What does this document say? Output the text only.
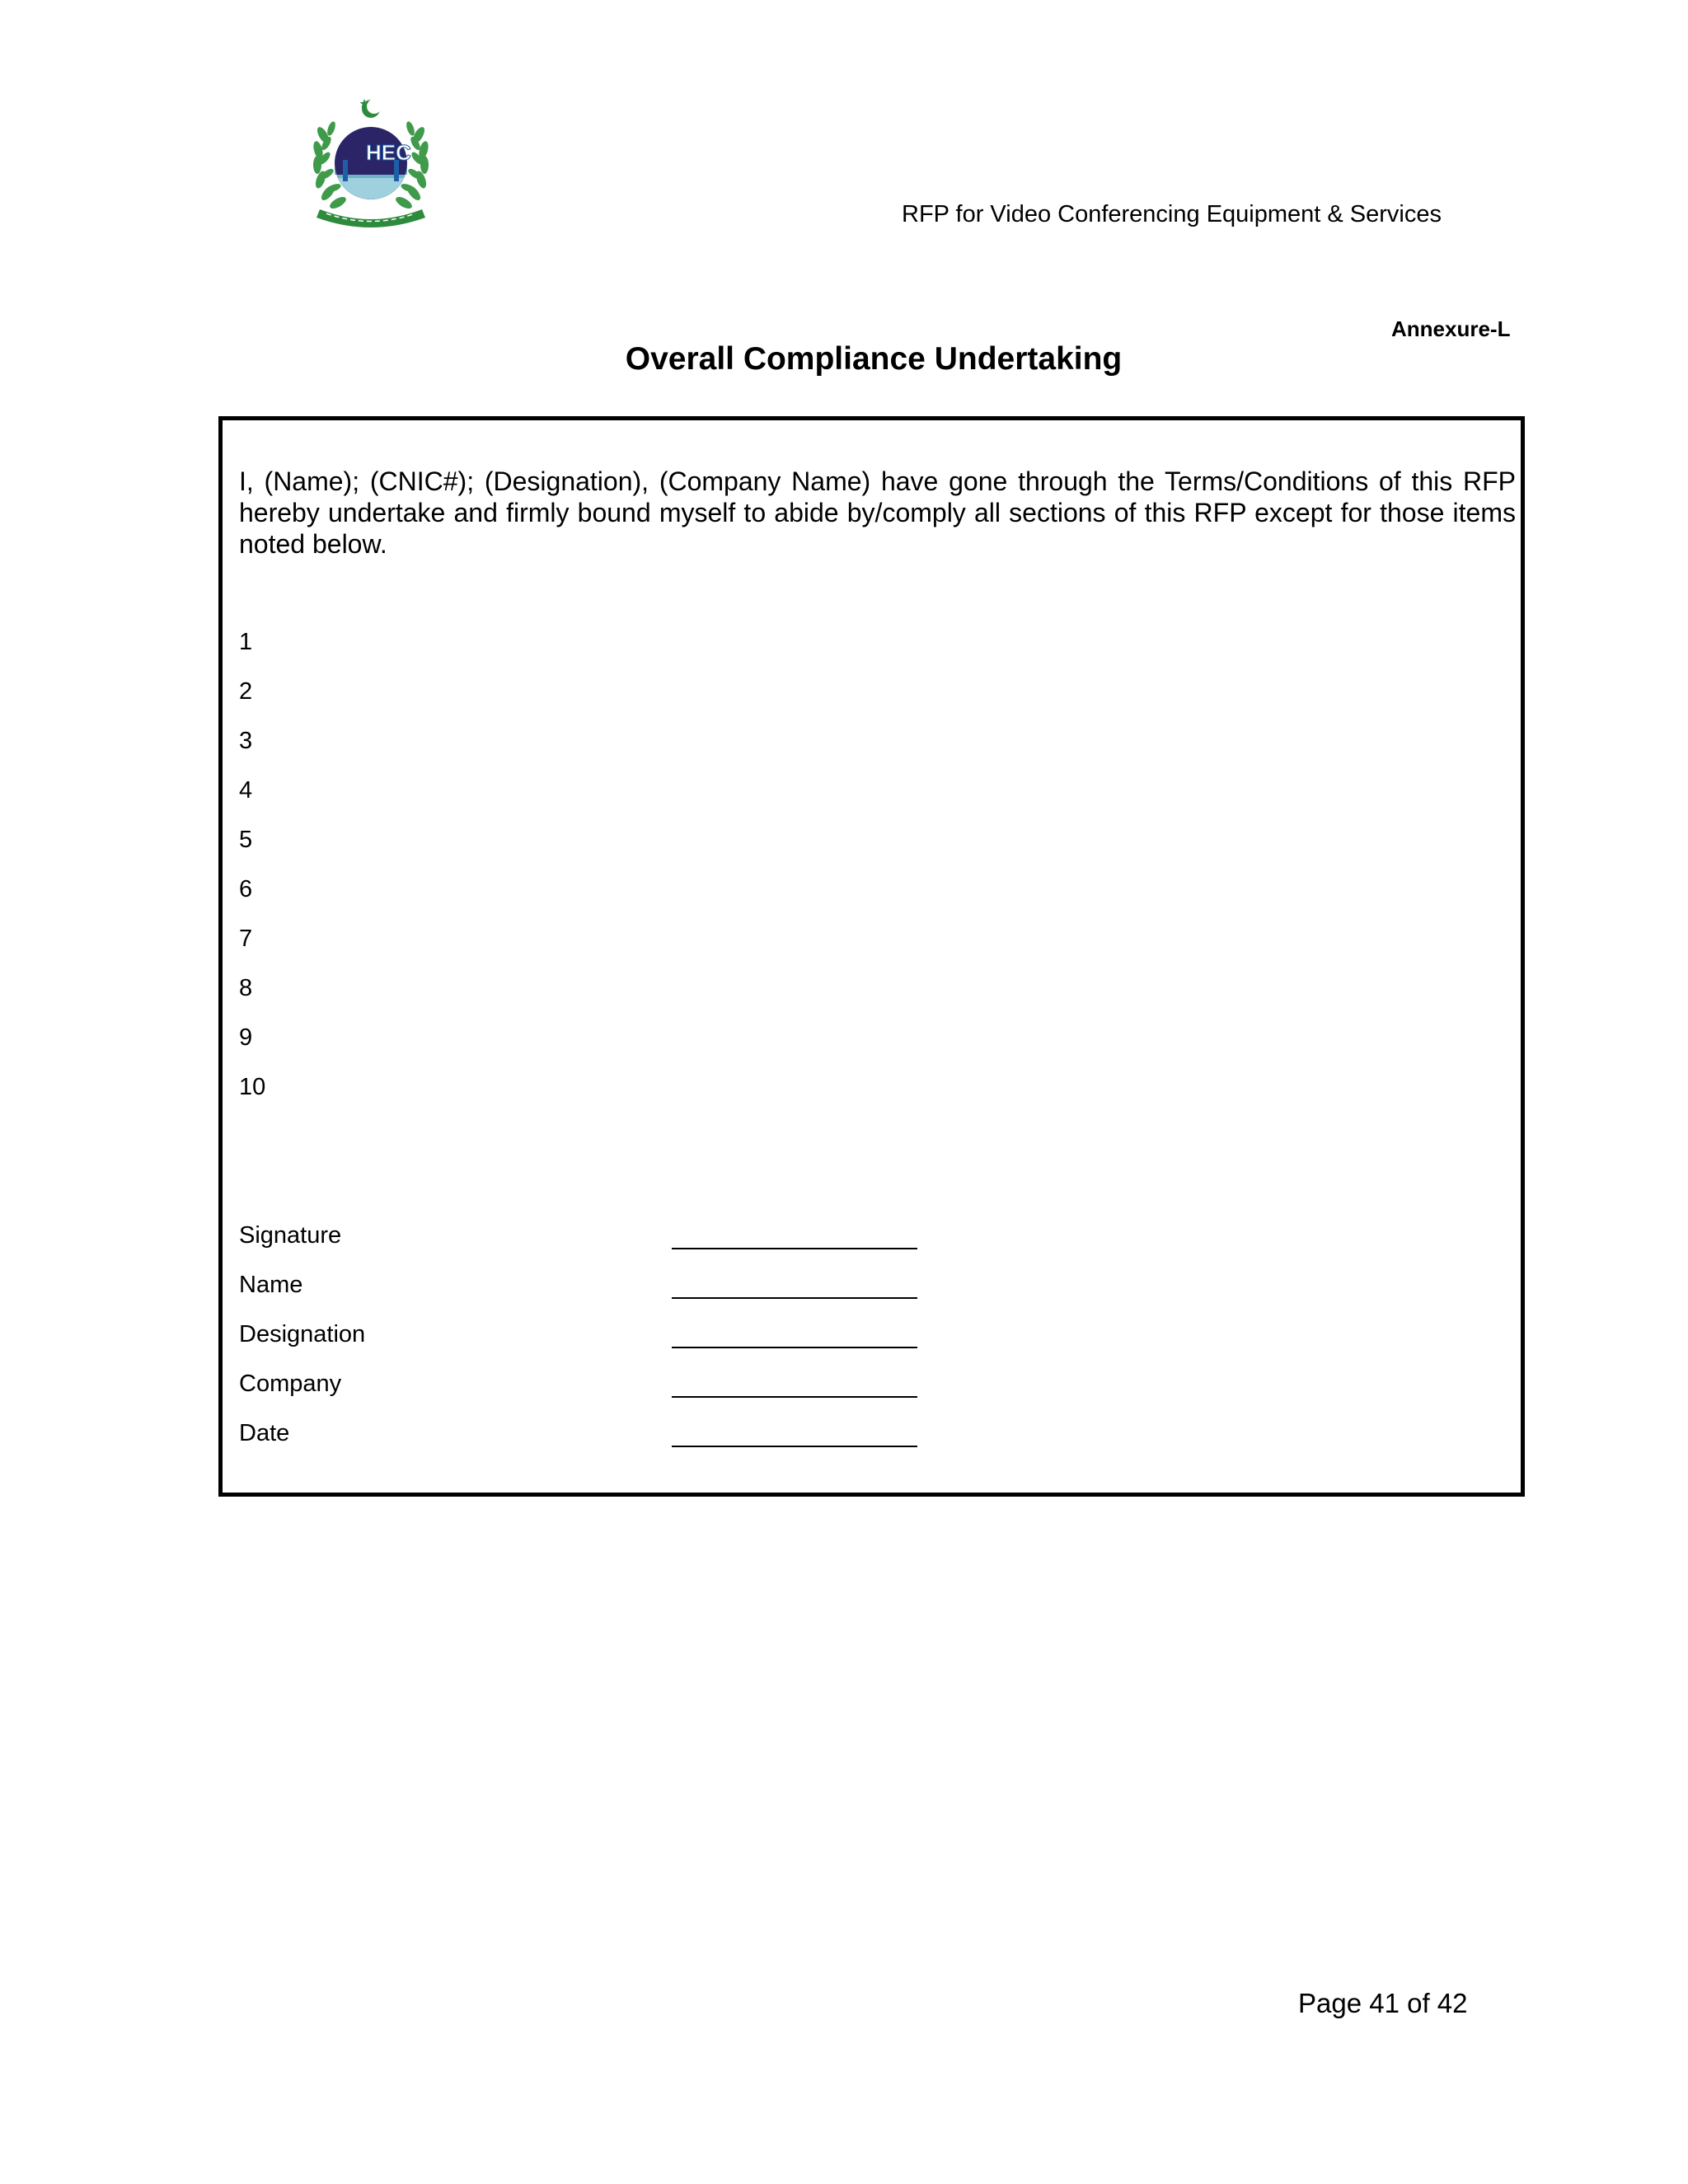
HEC
RFP for Video Conferencing Equipment & Services
Annexure-L
Overall Compliance Undertaking
I, (Name); (CNIC#); (Designation), (Company Name) have gone through the Terms/Conditions of this RFP hereby undertake and firmly bound myself to abide by/comply all sections of this RFP except for those items noted below.
1
2
3
4
5
6
7
8
9
10
Signature
Name
Designation
Company
Date
Page 41 of 42
